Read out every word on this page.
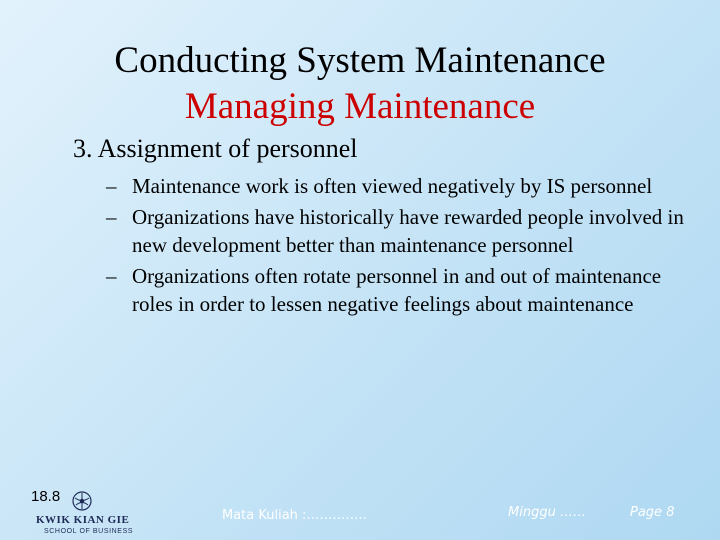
Conducting System Maintenance
Managing Maintenance
3. Assignment of personnel
– Maintenance work is often viewed negatively by IS personnel
– Organizations have historically have rewarded people involved in new development better than maintenance personnel
– Organizations often rotate personnel in and out of maintenance roles in order to lessen negative feelings about maintenance
18.8
KWIK KIAN GIE
SCHOOL OF BUSINESS
Mata Kuliah :…………..	Minggu ……	Page 8
